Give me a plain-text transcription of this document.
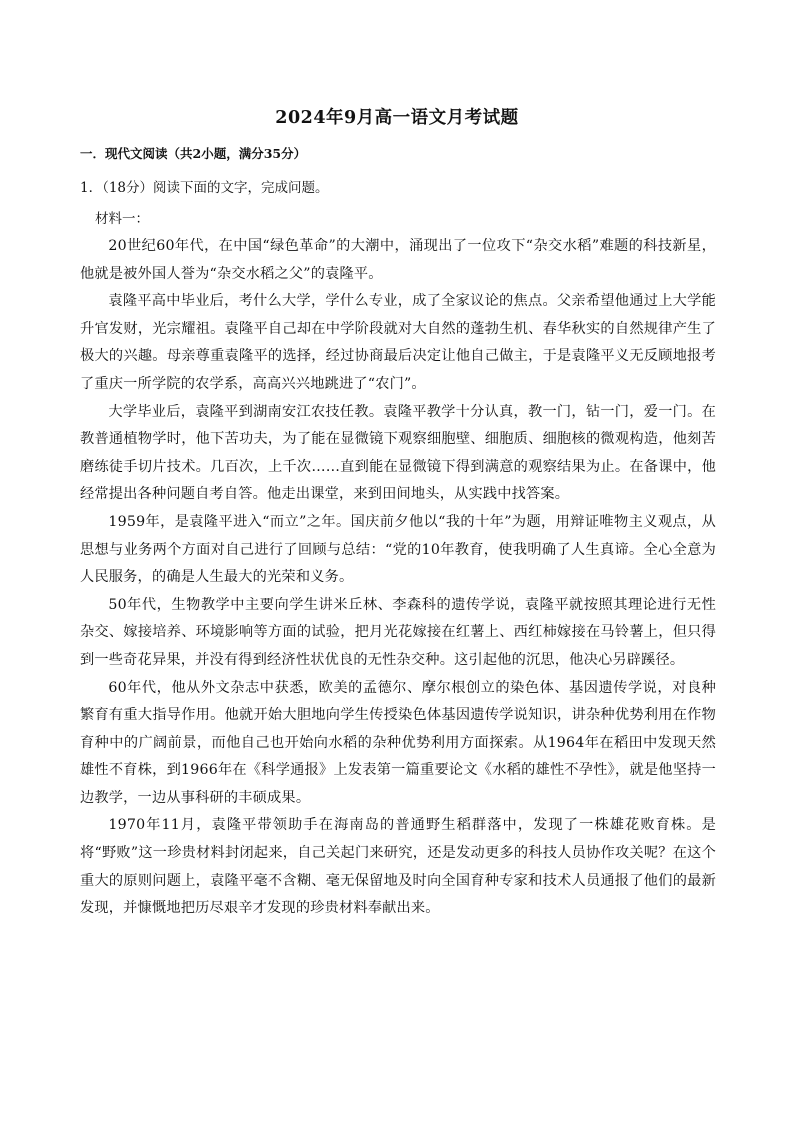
2024年9月高一语文月考试题
一．现代文阅读（共2小题，满分35分）
1．（18分）阅读下面的文字，完成问题。
材料一：

20世纪60年代，在中国“绿色革命”的大潮中，涌现出了一位攻下“杂交水稻”难题的科技新星，他就是被外国人誉为“杂交水稻之父”的袁隆平。

袁隆平高中毕业后，考什么大学，学什么专业，成了全家议论的焦点。父亲希望他通过上大学能升官发财，光宗耀祖。袁隆平自己却在中学阶段就对大自然的蓬勃生机、春华秋实的自然规律产生了极大的兴趣。母亲尊重袁隆平的选择，经过协商最后决定让他自己做主，于是袁隆平义无反顾地报考了重庆一所学院的农学系，高高兴兴地跳进了“农门”。

大学毕业后，袁隆平到湖南安江农技任教。袁隆平教学十分认真，教一门，钻一门，爱一门。在教普通植物学时，他下苦功夫，为了能在显微镜下观察细胞壁、细胞质、细胞核的微观构造，他刻苦磨练徒手切片技术。几百次，上千次……直到能在显微镜下得到满意的观察结果为止。在备课中，他经常提出各种问题自考自答。他走出课堂，来到田间地头，从实践中找答案。

1959年，是袁隆平进入“而立”之年。国庆前夕他以“我的十年”为题，用辩证唯物主义观点，从思想与业务两个方面对自己进行了回顾与总结：“党的10年教育，使我明确了人生真谛。全心全意为人民服务，的确是人生最大的光荣和义务。

50年代，生物教学中主要向学生讲米丘林、李森科的遗传学说，袁隆平就按照其理论进行无性杂交、嫁接培养、环境影响等方面的试验，把月光花嫁接在红薯上、西红柿嫁接在马铃薯上，但只得到一些奇花异果，并没有得到经济性状优良的无性杂交种。这引起他的沉思，他决心另辟蹊径。

60年代，他从外文杂志中获悉，欧美的孟德尔、摩尔根创立的染色体、基因遗传学说，对良种繁育有重大指导作用。他就开始大胆地向学生传授染色体基因遗传学说知识，讲杂种优势利用在作物育种中的广阔前景，而他自己也开始向水稻的杂种优势利用方面探索。从1964年在稻田中发现天然雄性不育株，到1966年在《科学通报》上发表第一篇重要论文《水稻的雄性不孕性》，就是他坚持一边教学，一边从事科研的丰硕成果。

1970年11月，袁隆平带领助手在海南岛的普通野生稻群落中，发现了一株雄花败育株。是将“野败”这一珍贵材料封闭起来，自己关起门来研究，还是发动更多的科技人员协作攻关呢？在这个重大的原则问题上，袁隆平毫不含糊、毫无保留地及时向全国育种专家和技术人员通报了他们的最新发现，并慷慨地把历尽艰辛才发现的珍贵材料奉献出来。
